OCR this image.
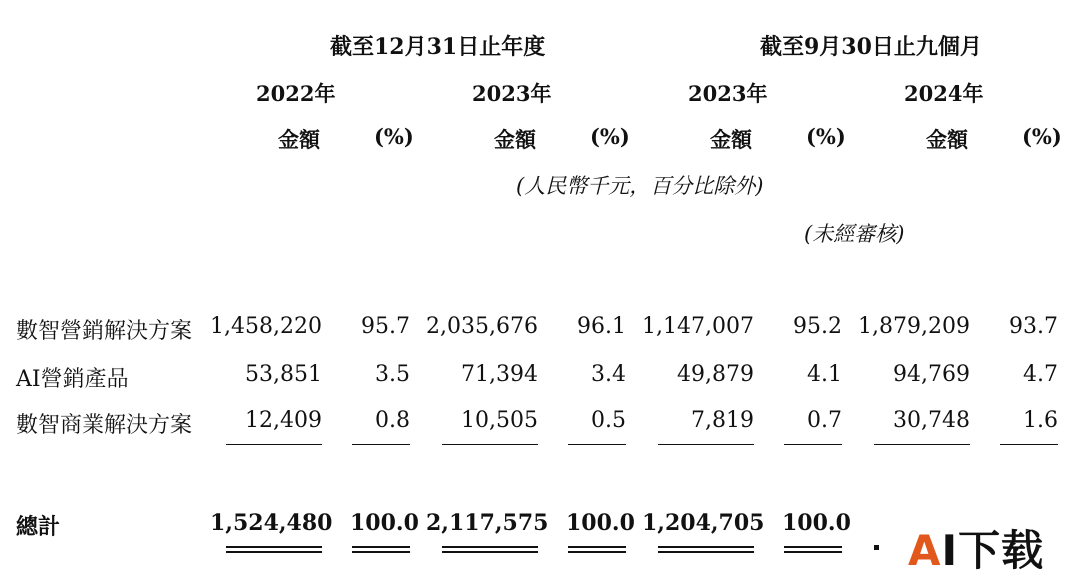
截至12月31日止年度	截至9月30日止九個月
2022年	2023年	2023年	2024年
金額	(%)	金額	(%)	金額	(%)	金額	(%)
(人民幣千元，百分比除外)
(未經審核)
數智營銷解決方案 1,458,220	95.7 2,035,676	96.1 1,147,007	95.2 1,879,209	93.7
AI營銷產品	53,851	3.5	71,394	3.4	49,879	4.1	94,769	4.7
數智商業解決方案	12,409	0.8	10,505	0.5	7,819	0.7	30,748	1.6
總計	1,524,480 100.0 2,117,575 100.0 1,204,705 100.0
AI下载
